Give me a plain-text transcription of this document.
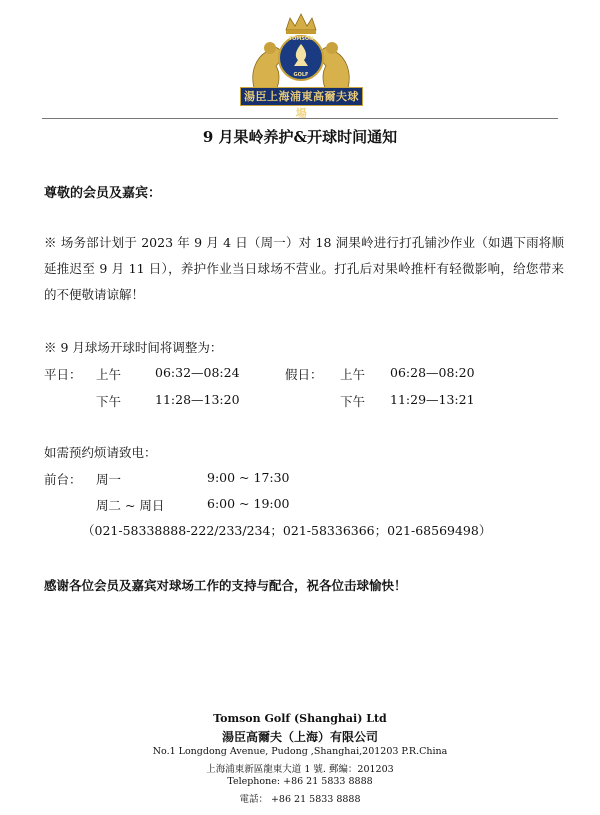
TOMSON
GOLF
湯臣上海浦東高爾夫球場
9 月果岭养护&开球时间通知
尊敬的会员及嘉宾：
※ 场务部计划于 2023 年 9 月 4 日（周一）对 18 洞果岭进行打孔铺沙作业（如遇下雨将顺延推迟至 9 月 11 日），养护作业当日球场不营业。打孔后对果岭推杆有轻微影响，给您带来的不便敬请谅解！
※ 9 月球场开球时间将调整为：
平日： 上午	06:32—08:24	假日： 上午 06:28—08:20
下午	11:28—13:20	下午 11:29—13:21
如需预约烦请致电：
前台： 周一	9:00 ~ 17:30
周二 ~ 周日	6:00 ~ 19:00
（021-58338888-222/233/234；021-58336366；021-68569498）
感谢各位会员及嘉宾对球场工作的支持与配合，祝各位击球愉快！
Tomson Golf (Shanghai) Ltd
湯臣高爾夫（上海）有限公司
No.1 Longdong Avenue, Pudong ,Shanghai,201203 P.R.China
上海浦東新區龍東大道 1 號. 郵編：201203
Telephone: +86 21 5833 8888
電話： +86 21 5833 8888
